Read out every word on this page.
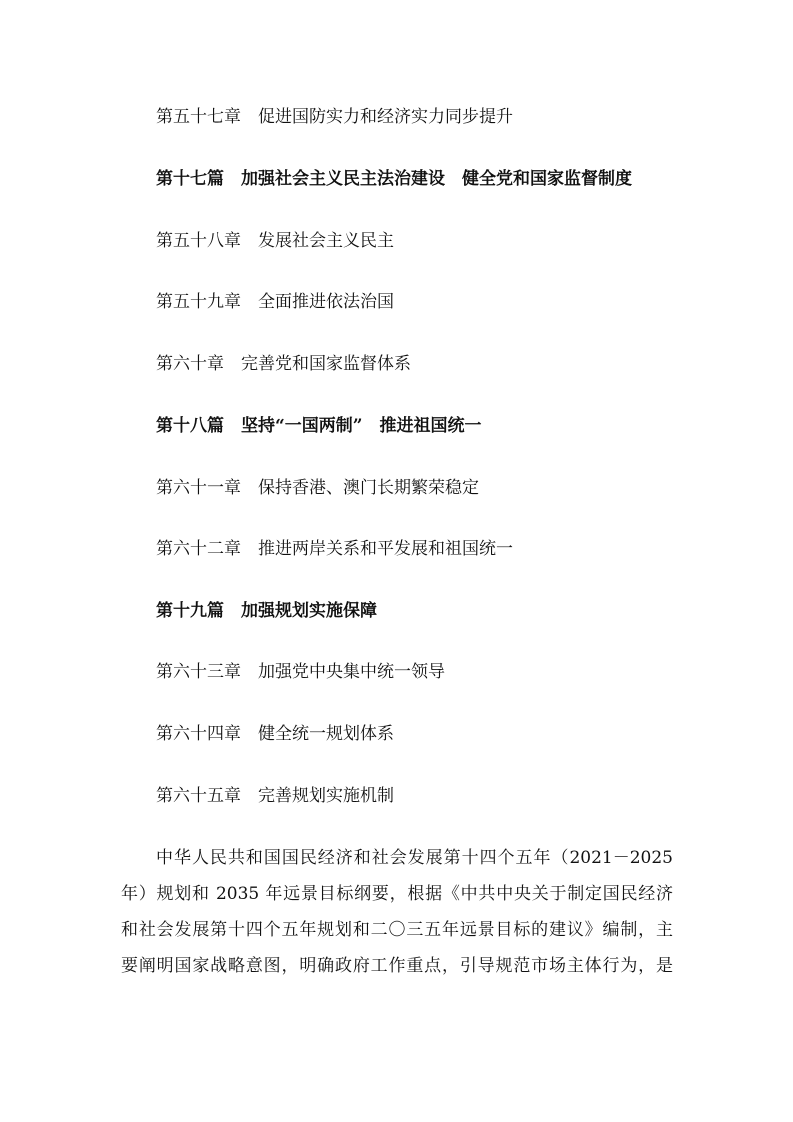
第五十七章 促进国防实力和经济实力同步提升
第十七篇 加强社会主义民主法治建设　健全党和国家监督制度
第五十八章 发展社会主义民主
第五十九章 全面推进依法治国
第六十章 完善党和国家监督体系
第十八篇 坚持“一国两制”　推进祖国统一
第六十一章 保持香港、澳门长期繁荣稳定
第六十二章 推进两岸关系和平发展和祖国统一
第十九篇 加强规划实施保障
第六十三章 加强党中央集中统一领导
第六十四章 健全统一规划体系
第六十五章 完善规划实施机制
中华人民共和国国民经济和社会发展第十四个五年（2021－2025
年）规划和 2035 年远景目标纲要，根据《中共中央关于制定国民经济
和社会发展第十四个五年规划和二〇三五年远景目标的建议》编制，主
要阐明国家战略意图，明确政府工作重点，引导规范市场主体行为，是
